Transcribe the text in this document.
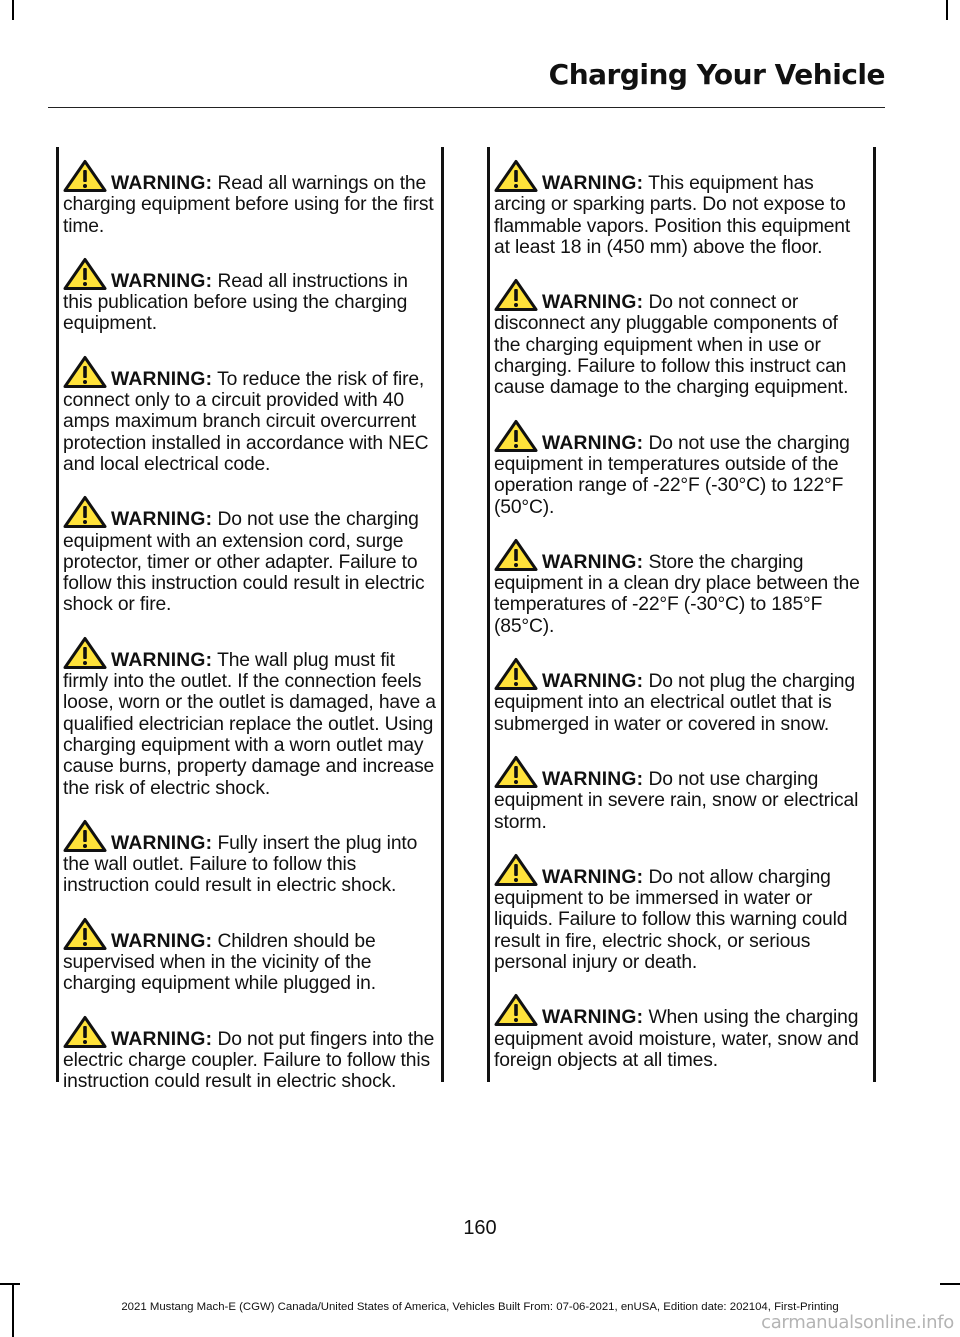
Charging Your Vehicle
WARNING: Read all warnings on the charging equipment before using for the first time.
WARNING: Read all instructions in this publication before using the charging equipment.
WARNING: To reduce the risk of fire, connect only to a circuit provided with 40 amps maximum branch circuit overcurrent protection installed in accordance with NEC and local electrical code.
WARNING: Do not use the charging equipment with an extension cord, surge protector, timer or other adapter. Failure to follow this instruction could result in electric shock or fire.
WARNING: The wall plug must fit firmly into the outlet. If the connection feels loose, worn or the outlet is damaged, have a qualified electrician replace the outlet. Using charging equipment with a worn outlet may cause burns, property damage and increase the risk of electric shock.
WARNING: Fully insert the plug into the wall outlet. Failure to follow this instruction could result in electric shock.
WARNING: Children should be supervised when in the vicinity of the charging equipment while plugged in.
WARNING: Do not put fingers into the electric charge coupler. Failure to follow this instruction could result in electric shock.
WARNING: This equipment has arcing or sparking parts. Do not expose to flammable vapors. Position this equipment at least 18 in (450 mm) above the floor.
WARNING: Do not connect or disconnect any pluggable components of the charging equipment when in use or charging. Failure to follow this instruct can cause damage to the charging equipment.
WARNING: Do not use the charging equipment in temperatures outside of the operation range of -22°F (-30°C) to 122°F (50°C).
WARNING: Store the charging equipment in a clean dry place between the temperatures of -22°F (-30°C) to 185°F (85°C).
WARNING: Do not plug the charging equipment into an electrical outlet that is submerged in water or covered in snow.
WARNING: Do not use charging equipment in severe rain, snow or electrical storm.
WARNING: Do not allow charging equipment to be immersed in water or liquids. Failure to follow this warning could result in fire, electric shock, or serious personal injury or death.
WARNING: When using the charging equipment avoid moisture, water, snow and foreign objects at all times.
160
2021 Mustang Mach-E (CGW) Canada/United States of America, Vehicles Built From: 07-06-2021, enUSA, Edition date: 202104, First-Printing
carmanualsonline.info
